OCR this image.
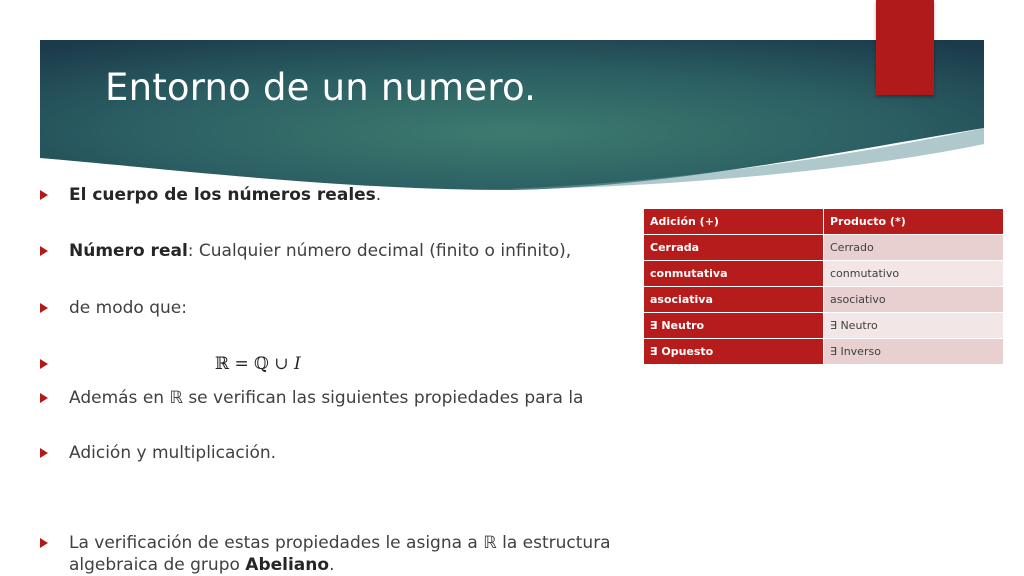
Entorno de un numero.
El cuerpo de los números reales.
Número real: Cualquier número decimal (finito o infinito),
de modo que:
ℝ = ℚ ∪ 𝐼
Además en ℝ se verifican las siguientes propiedades para la
Adición y multiplicación.
La verificación de estas propiedades le asigna a ℝ la estructura algebraica de grupo Abeliano.
Adición (+)	Producto (*)
Cerrada	Cerrado
conmutativa	conmutativo
asociativa	asociativo
∃ Neutro	∃ Neutro
∃ Opuesto	∃ Inverso
